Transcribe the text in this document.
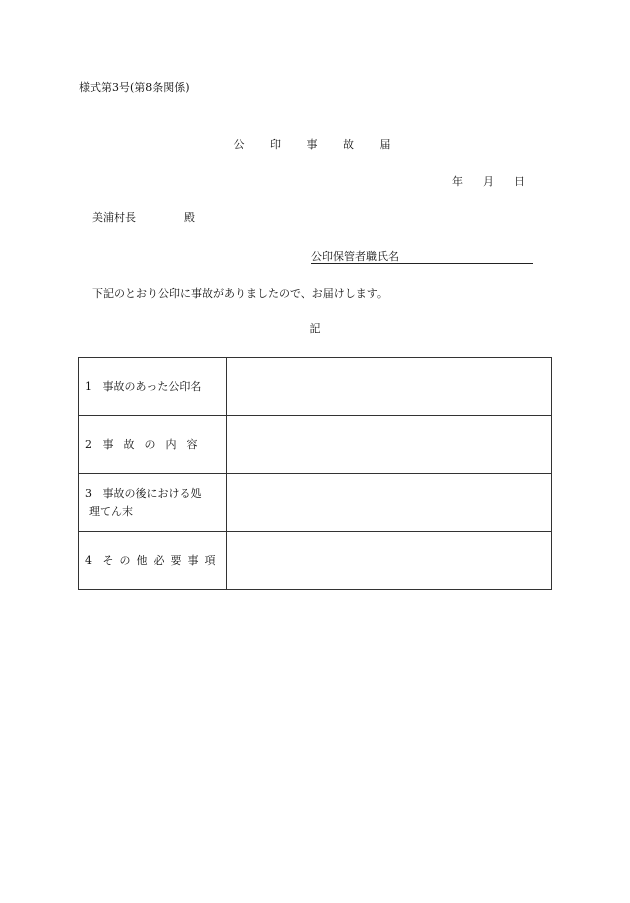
様式第3号(第8条関係)
公 印 事 故 届
年 月 日
美浦村長	殿
公印保管者職氏名
下記のとおり公印に事故がありましたので、お届けします。
記
1 事故のあった公印名	
2 事故の内容	
3 事故の後における処
理てん末	

4 その他必要事項	
